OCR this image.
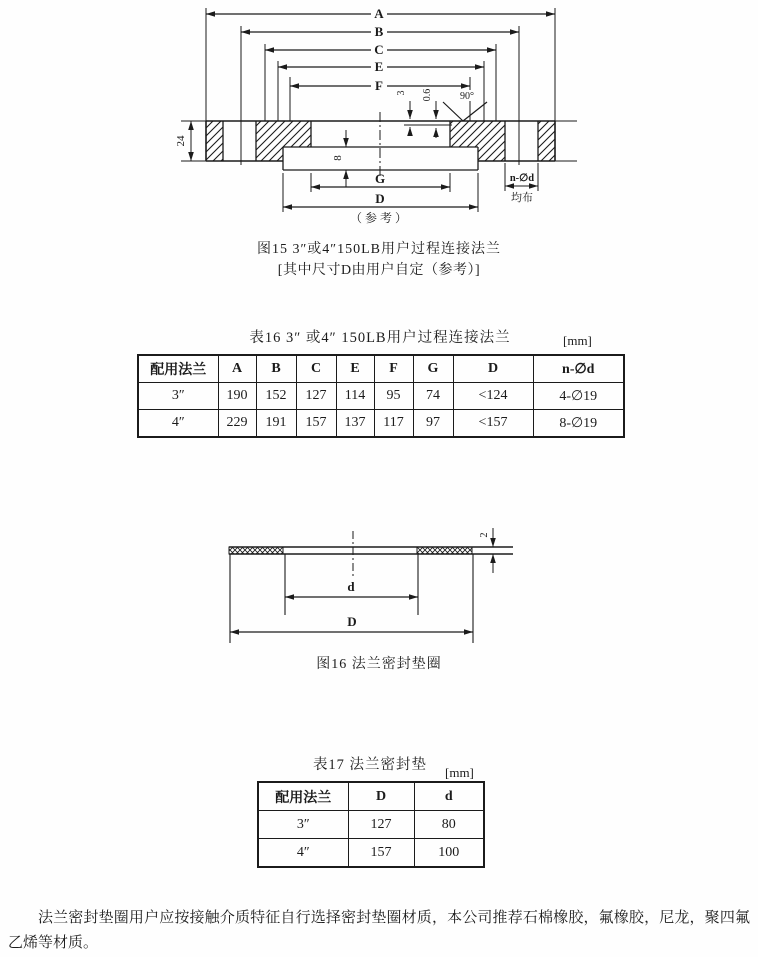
A
B
C
E
F
24
8
3 0.6	90°
G
D
（参考）
n-∅d
均布
图15 3″或4″150LB用户过程连接法兰
[其中尺寸D由用户自定（参考）]
表16 3″ 或4″ 150LB用户过程连接法兰	[mm]
配用法兰	A	B	C	E	F	G	D	n-∅d
3″	190	152	127	114	95	74	<124	4-∅19
4″	229	191	157	137	117	97	<157	8-∅19
2
d
D
图16 法兰密封垫圈
表17 法兰密封垫	[mm]
配用法兰	D	d
3″	127	80
4″	157	100
法兰密封垫圈用户应按接触介质特征自行选择密封垫圈材质，本公司推荐石棉橡胶，氟橡胶，尼龙，聚四氟乙烯等材质。
